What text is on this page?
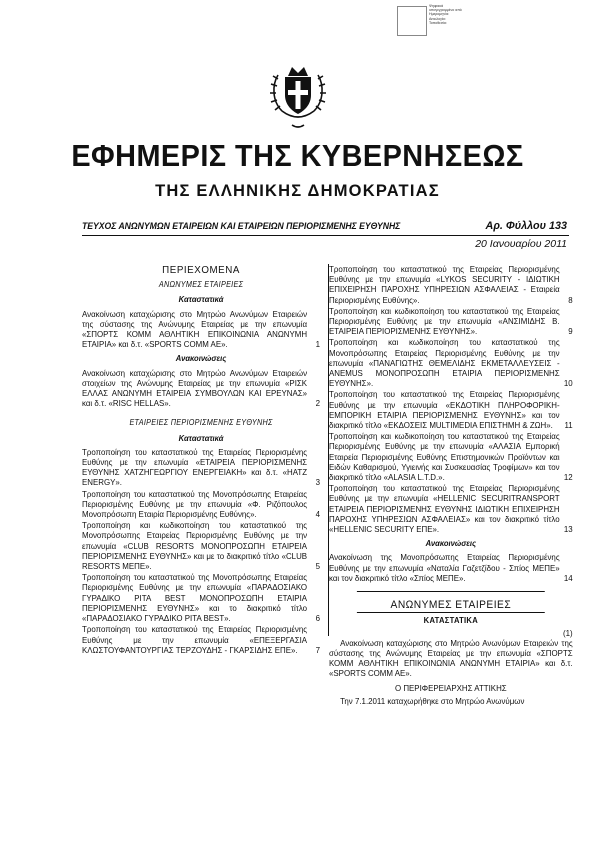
Ψηφιακά υπογεγραμμένο από
Ημερομηνία:
Αιτιολογία:
Τοποθεσία:
ΕΦΗΜΕΡΙΣ ΤΗΣ ΚΥΒΕΡΝΗΣΕΩΣ
ΤΗΣ ΕΛΛΗΝΙΚΗΣ ΔΗΜΟΚΡΑΤΙΑΣ
ΤΕΥΧΟΣ ΑΝΩΝΥΜΩΝ ΕΤΑΙΡΕΙΩΝ ΚΑΙ ΕΤΑΙΡΕΙΩΝ ΠΕΡΙΟΡΙΣΜΕΝΗΣ ΕΥΘΥΝΗΣ	Αρ. Φύλλου 133
20 Ιανουαρίου 2011
ΠΕΡΙΕΧΟΜΕΝΑ
ΑΝΩΝΥΜΕΣ ΕΤΑΙΡΕΙΕΣ
Καταστατικά
Ανακοίνωση καταχώρισης στο Μητρώο Ανωνύμων Εταιρειών της σύστασης της Ανώνυμης Εταιρείας με την επωνυμία «ΣΠΟΡΤΣ ΚΟΜΜ ΑΘΛΗΤΙΚΗ ΕΠΙΚΟΙΝΩΝΙΑ ΑΝΩΝΥΜΗ ΕΤΑΙΡΙΑ» και δ.τ. «SPORTS COMM AE».	1
Ανακοινώσεις
Ανακοίνωση καταχώρισης στο Μητρώο Ανωνύμων Εταιρειών στοιχείων της Ανώνυμης Εταιρείας με την επωνυμία «ΡΙΣΚ ΕΛΛΑΣ ΑΝΩΝΥΜΗ ΕΤΑΙΡΕΙΑ ΣΥΜΒΟΥΛΩΝ ΚΑΙ ΕΡΕΥΝΑΣ» και δ.τ. «RISC HELLAS».	2
ΕΤΑΙΡΕΙΕΣ ΠΕΡΙΟΡΙΣΜΕΝΗΣ ΕΥΘΥΝΗΣ
Καταστατικά
Τροποποίηση του καταστατικού της Εταιρείας Περιορισμένης Ευθύνης με την επωνυμία «ΕΤΑΙΡΕΙΑ ΠΕΡΙΟΡΙΣΜΕΝΗΣ ΕΥΘΥΝΗΣ ΧΑΤΖΗΓΕΩΡΓΙΟΥ ΕΝΕΡΓΕΙΑΚΗ» και δ.τ. «HATZ ENERGY».	3
Τροποποίηση του καταστατικού της Μονοπρόσωπης Εταιρείας Περιορισμένης Ευθύνης με την επωνυμία «Φ. Ριζόπουλος Μονοπρόσωπη Εταιρία Περιορισμένης Ευθύνης».	4
Τροποποίηση και κωδικοποίηση του καταστατικού της Μονοπρόσωπης Εταιρείας Περιορισμένης Ευθύνης με την επωνυμία «CLUB RESORTS ΜΟΝΟΠΡΟΣΩΠΗ ΕΤΑΙΡΕΙΑ ΠΕΡΙΟΡΙΣΜΕΝΗΣ ΕΥΘΥΝΗΣ» και με το διακριτικό τίτλο «CLUB RESORTS ΜΕΠΕ».	5
Τροποποίηση του καταστατικού της Μονοπρόσωπης Εταιρείας Περιορισμένης Ευθύνης με την επωνυμία «ΠΑΡΑΔΟΣΙΑΚΟ ΓΥΡΑΔΙΚΟ PITA BEST ΜΟΝΟΠΡΟΣΩΠΗ ΕΤΑΙΡΙΑ ΠΕΡΙΟΡΙΣΜΕΝΗΣ ΕΥΘΥΝΗΣ» και το διακριτικό τίτλο «ΠΑΡΑΔΟΣΙΑΚΟ ΓΥΡΑΔΙΚΟ PITA BEST».	6
Τροποποίηση του καταστατικού της Εταιρείας Περιορισμένης Ευθύνης με την επωνυμία «ΕΠΕΞΕΡΓΑΣΙΑ ΚΛΩΣΤΟΥΦΑΝΤΟΥΡΓΙΑΣ ΤΕΡΖΟΥΔΗΣ - ΓΚΑΡΣΙΔΗΣ ΕΠΕ».	7
Τροποποίηση του καταστατικού της Εταιρείας Περιορισμένης Ευθύνης με την επωνυμία «LYKOS SECURITY - ΙΔΙΩΤΙΚΗ ΕΠΙΧΕΙΡΗΣΗ ΠΑΡΟΧΗΣ ΥΠΗΡΕΣΙΩΝ ΑΣΦΑΛΕΙΑΣ - Εταιρεία Περιορισμένης Ευθύνης».	8
Τροποποίηση και κωδικοποίηση του καταστατικού της Εταιρείας Περιορισμένης Ευθύνης με την επωνυμία «ΑΝΣΙΜΙΔΗΣ Β. ΕΤΑΙΡΕΙΑ ΠΕΡΙΟΡΙΣΜΕΝΗΣ ΕΥΘΥΝΗΣ».	9
Τροποποίηση και κωδικοποίηση του καταστατικού της Μονοπρόσωπης Εταιρείας Περιορισμένης Ευθύνης με την επωνυμία «ΠΑΝΑΓΙΩΤΗΣ ΘΕΜΕΛΙΔΗΣ ΕΚΜΕΤΑΛΛΕΥΣΕΙΣ - ANEMUS ΜΟΝΟΠΡΟΣΩΠΗ ΕΤΑΙΡΙΑ ΠΕΡΙΟΡΙΣΜΕΝΗΣ ΕΥΘΥΝΗΣ».	10
Τροποποίηση του καταστατικού της Εταιρείας Περιορισμένης Ευθύνης με την επωνυμία «ΕΚΔΟΤΙΚΗ ΠΛΗΡΟΦΟΡΙΚΗ-ΕΜΠΟΡΙΚΗ ΕΤΑΙΡΙΑ ΠΕΡΙΟΡΙΣΜΕΝΗΣ ΕΥΘΥΝΗΣ» και τον διακριτικό τίτλο «ΕΚΔΟΣΕΙΣ MULTIMEDIA ΕΠΙΣΤΗΜΗ & ΖΩΗ».	11
Τροποποίηση και κωδικοποίηση του καταστατικού της Εταιρείας Περιορισμένης Ευθύνης με την επωνυμία «ΑΛΑΣΙΑ Εμπορική Εταιρεία Περιορισμένης Ευθύνης Επιστημονικών Προϊόντων και Ειδών Καθαρισμού, Υγιεινής και Συσκευασίας Τροφίμων» και τον διακριτικό τίτλο «ALASIA L.T.D.».	12
Τροποποίηση του καταστατικού της Εταιρείας Περιορισμένης Ευθύνης με την επωνυμία «HELLENIC SECURITRANSPORT ΕΤΑΙΡΕΙΑ ΠΕΡΙΟΡΙΣΜΕΝΗΣ ΕΥΘΥΝΗΣ ΙΔΙΩΤΙΚΗ ΕΠΙΧΕΙΡΗΣΗ ΠΑΡΟΧΗΣ ΥΠΗΡΕΣΙΩΝ ΑΣΦΑΛΕΙΑΣ» και τον διακριτικό τίτλο «HELLENIC SECURITY ΕΠΕ».	13
Ανακοινώσεις
Ανακοίνωση της Μονοπρόσωπης Εταιρείας Περιορισμένης Ευθύνης με την επωνυμία «Ναταλία Γαζετζίδου - Σπίος ΜΕΠΕ» και τον διακριτικό τίτλο «Σπίος ΜΕΠΕ».	14
ΑΝΩΝΥΜΕΣ ΕΤΑΙΡΕΙΕΣ
ΚΑΤΑΣΤΑΤΙΚΑ
(1)
Ανακοίνωση καταχώρισης στο Μητρώο Ανωνύμων Εταιρειών της σύστασης της Ανώνυμης Εταιρείας με την επωνυμία «ΣΠΟΡΤΣ ΚΟΜΜ ΑΘΛΗΤΙΚΗ ΕΠΙΚΟΙΝΩΝΙΑ ΑΝΩΝΥΜΗ ΕΤΑΙΡΙΑ» και δ.τ. «SPORTS COMM AE».
Ο ΠΕΡΙΦΕΡΕΙΑΡΧΗΣ ΑΤΤΙΚΗΣ
Την 7.1.2011 καταχωρήθηκε στο Μητρώο Ανωνύμων
